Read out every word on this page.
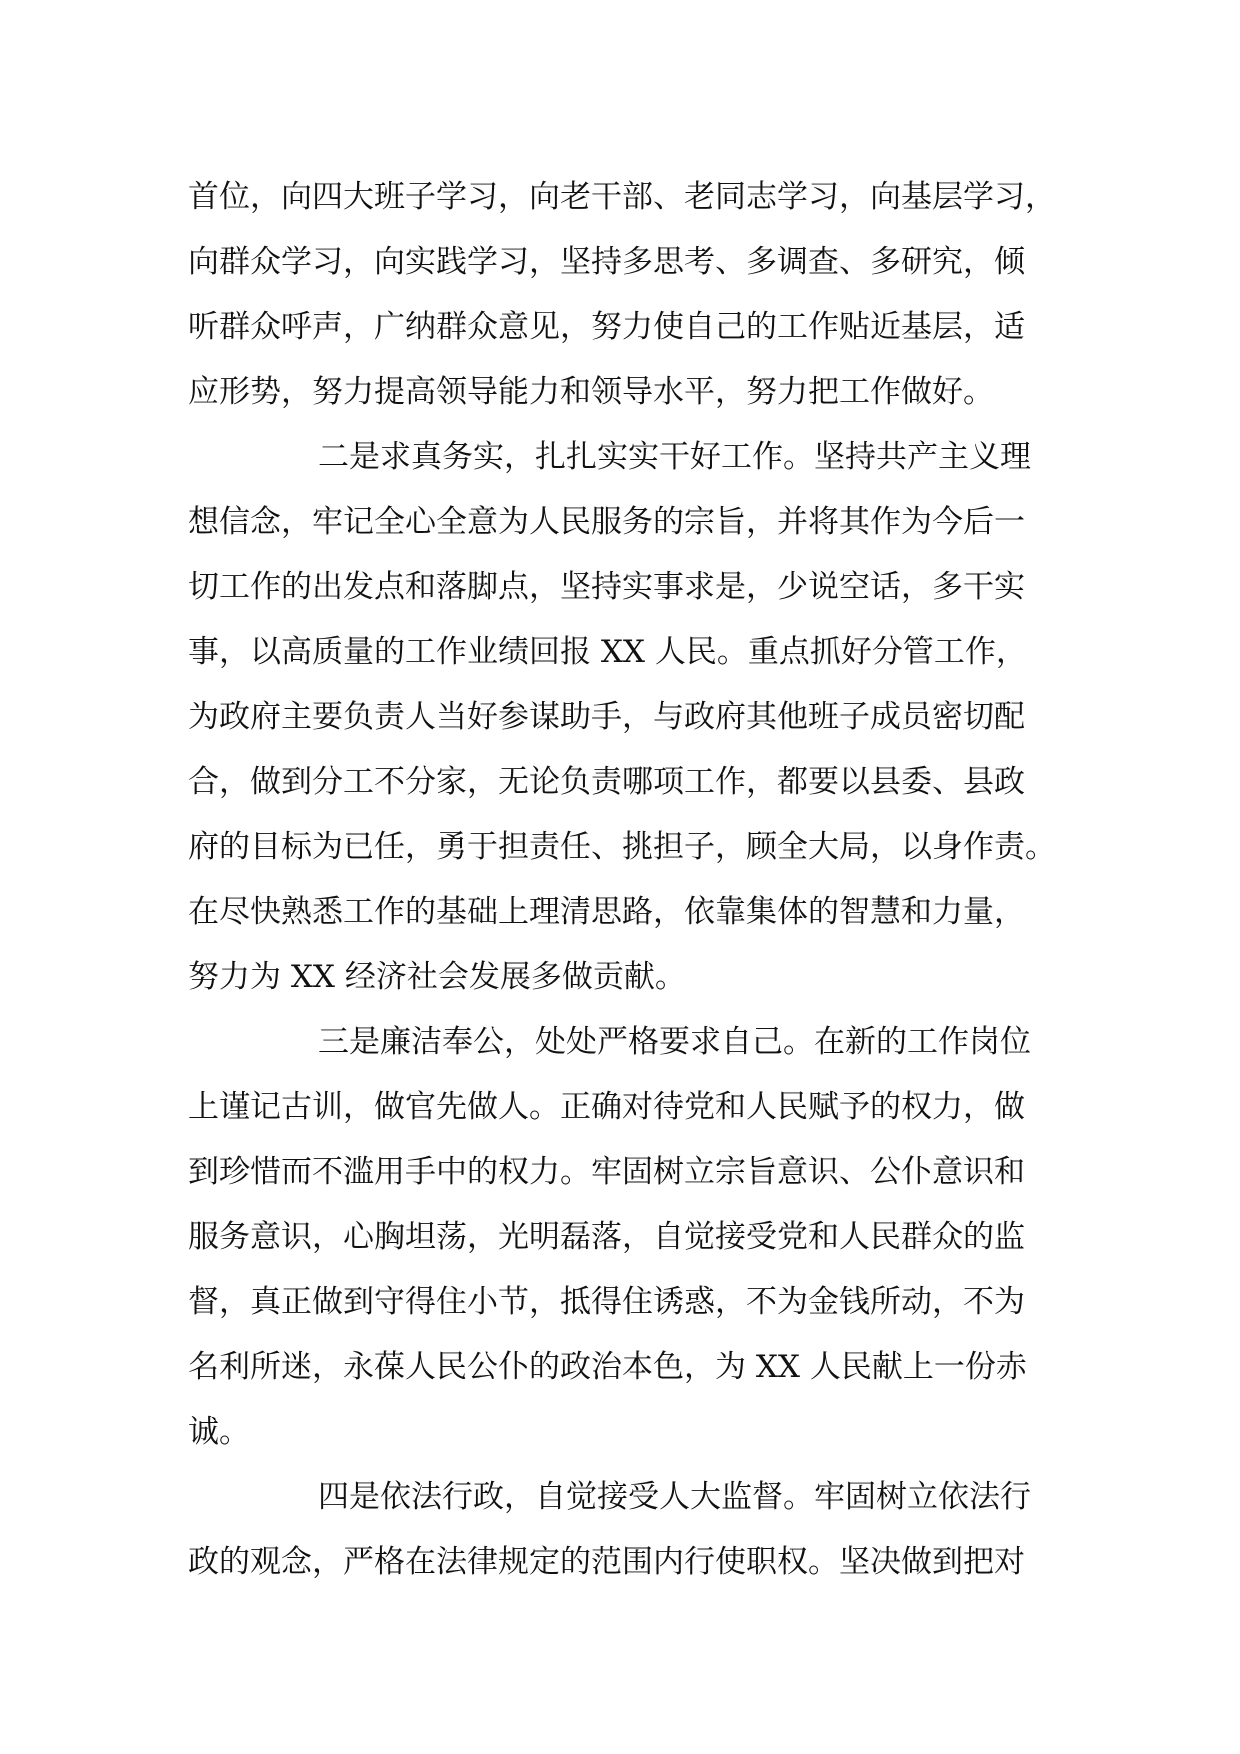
首位，向四大班子学习，向老干部、老同志学习，向基层学习，
向群众学习，向实践学习，坚持多思考、多调查、多研究，倾
听群众呼声，广纳群众意见，努力使自己的工作贴近基层，适
应形势，努力提高领导能力和领导水平，努力把工作做好。
二是求真务实，扎扎实实干好工作。坚持共产主义理
想信念，牢记全心全意为人民服务的宗旨，并将其作为今后一
切工作的出发点和落脚点，坚持实事求是，少说空话，多干实
事，以高质量的工作业绩回报 XX 人民。重点抓好分管工作，
为政府主要负责人当好参谋助手，与政府其他班子成员密切配
合，做到分工不分家，无论负责哪项工作，都要以县委、县政
府的目标为已任，勇于担责任、挑担子，顾全大局，以身作责。
在尽快熟悉工作的基础上理清思路，依靠集体的智慧和力量，
努力为 XX 经济社会发展多做贡献。
三是廉洁奉公，处处严格要求自己。在新的工作岗位
上谨记古训，做官先做人。正确对待党和人民赋予的权力，做
到珍惜而不滥用手中的权力。牢固树立宗旨意识、公仆意识和
服务意识，心胸坦荡，光明磊落，自觉接受党和人民群众的监
督，真正做到守得住小节，抵得住诱惑，不为金钱所动，不为
名利所迷，永葆人民公仆的政治本色，为 XX 人民献上一份赤
诚。
四是依法行政，自觉接受人大监督。牢固树立依法行
政的观念，严格在法律规定的范围内行使职权。坚决做到把对
